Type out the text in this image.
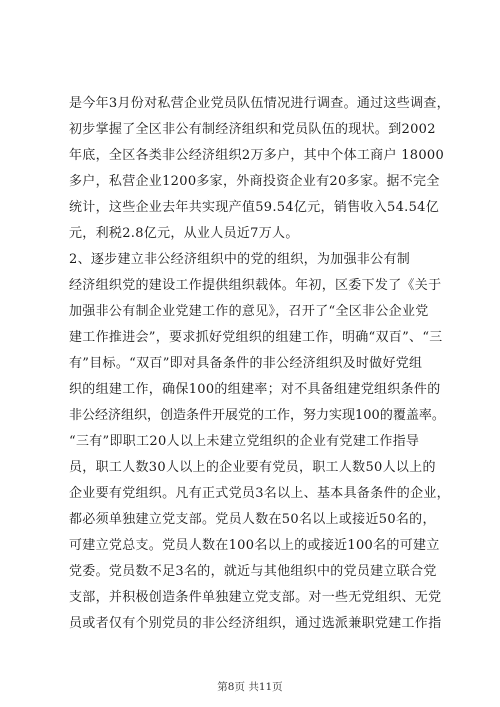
是今年3月份对私营企业党员队伍情况进行调查。通过这些调查，
初步掌握了全区非公有制经济组织和党员队伍的现状。到2002
年底，全区各类非公经济组织2万多户，其中个体工商户 18000
多户，私营企业1200多家，外商投资企业有20多家。据不完全
统计，这些企业去年共实现产值59.54亿元，销售收入54.54亿
元，利税2.8亿元，从业人员近7万人。
2、逐步建立非公经济组织中的党的组织，为加强非公有制
经济组织党的建设工作提供组织载体。年初，区委下发了《关于
加强非公有制企业党建工作的意见》，召开了“全区非公企业党
建工作推进会”，要求抓好党组织的组建工作，明确“双百”、“三
有”目标。“双百”即对具备条件的非公经济组织及时做好党组
织的组建工作，确保100的组建率；对不具备组建党组织条件的
非公经济组织，创造条件开展党的工作，努力实现100的覆盖率。
“三有”即职工20人以上未建立党组织的企业有党建工作指导
员，职工人数30人以上的企业要有党员，职工人数50人以上的
企业要有党组织。凡有正式党员3名以上、基本具备条件的企业，
都必须单独建立党支部。党员人数在50名以上或接近50名的，
可建立党总支。党员人数在100名以上的或接近100名的可建立
党委。党员数不足3名的，就近与其他组织中的党员建立联合党
支部，并积极创造条件单独建立党支部。对一些无党组织、无党
员或者仅有个别党员的非公经济组织，通过选派兼职党建工作指
第8页 共11页
